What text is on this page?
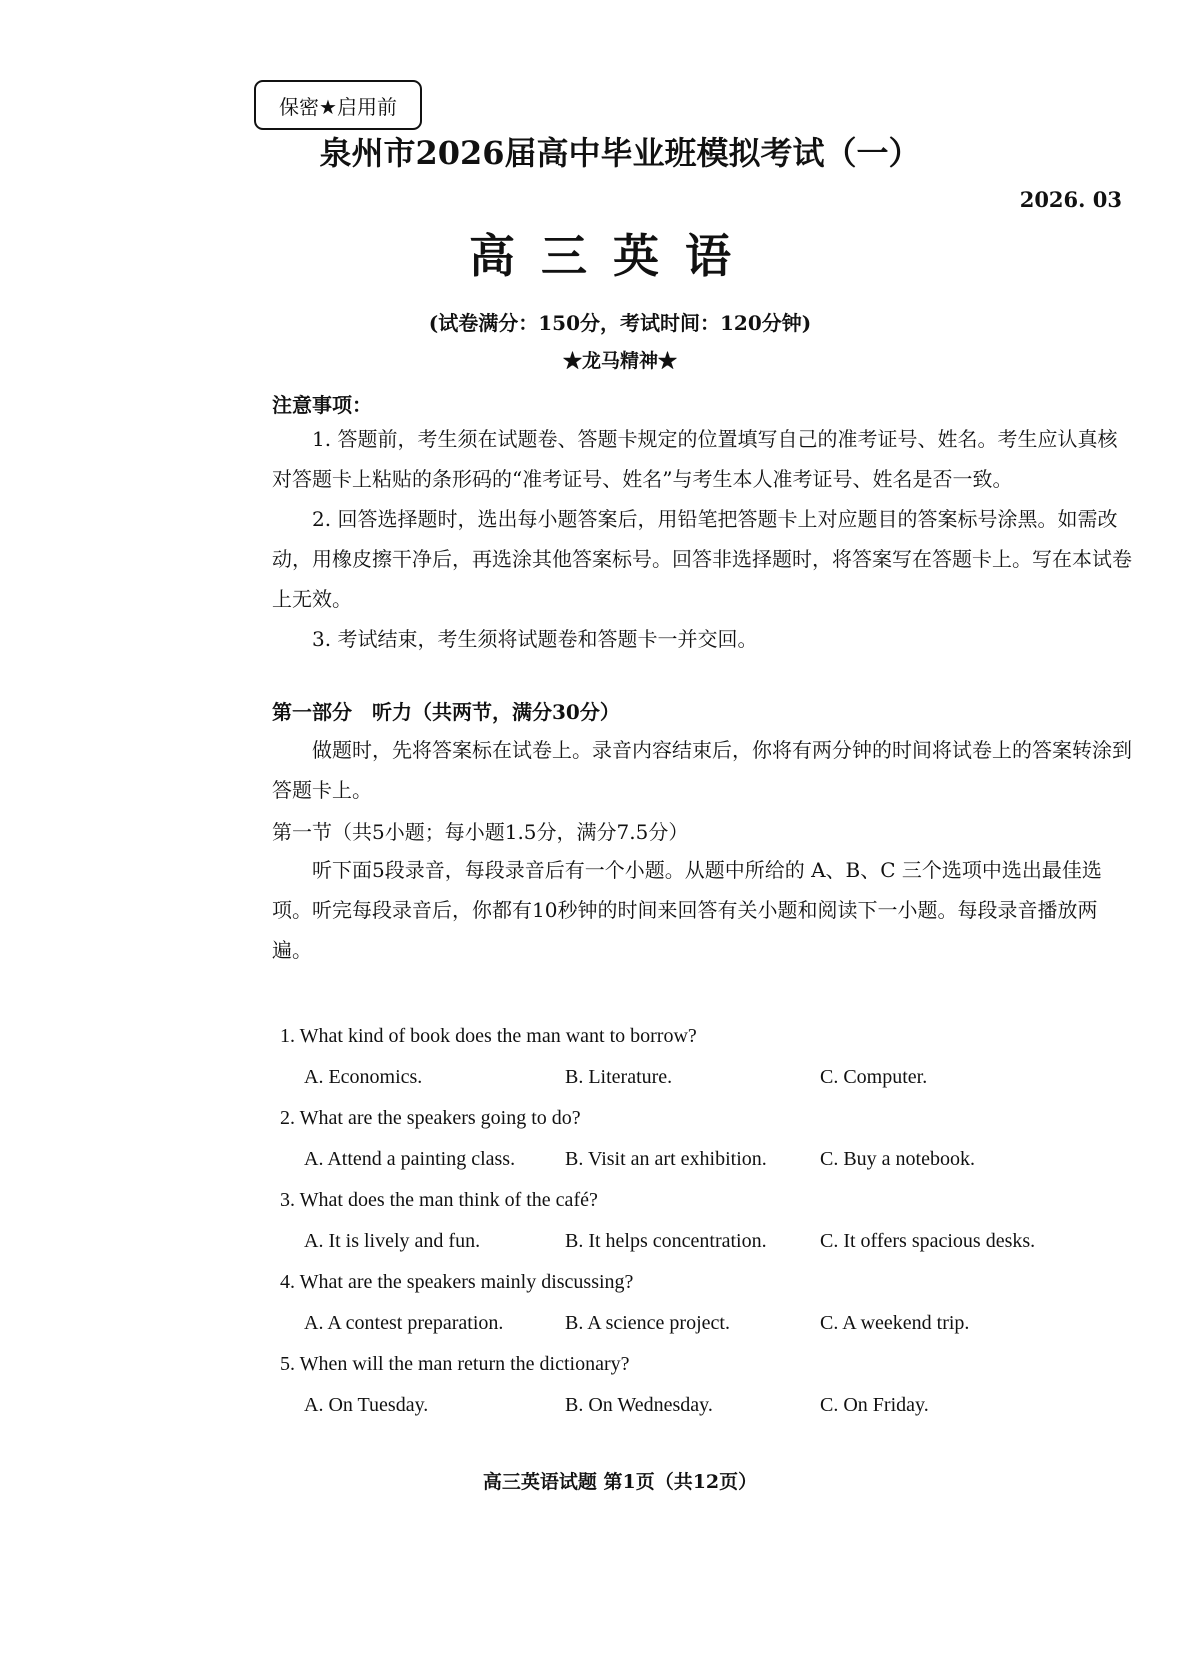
保密★启用前
泉州市2026届高中毕业班模拟考试（一）
2026. 03
高三英语
(试卷满分：150分，考试时间：120分钟)
★龙马精神★
注意事项：

1. 答题前，考生须在试题卷、答题卡规定的位置填写自己的准考证号、姓名。考生应认真核对答题卡上粘贴的条形码的“准考证号、姓名”与考生本人准考证号、姓名是否一致。

2. 回答选择题时，选出每小题答案后，用铅笔把答题卡上对应题目的答案标号涂黑。如需改动，用橡皮擦干净后，再选涂其他答案标号。回答非选择题时，将答案写在答题卡上。写在本试卷上无效。

3. 考试结束，考生须将试题卷和答题卡一并交回。

第一部分　听力（共两节，满分30分）

做题时，先将答案标在试卷上。录音内容结束后，你将有两分钟的时间将试卷上的答案转涂到答题卡上。

第一节（共5小题；每小题1.5分，满分7.5分）

听下面5段录音，每段录音后有一个小题。从题中所给的 A、B、C 三个选项中选出最佳选项。听完每段录音后，你都有10秒钟的时间来回答有关小题和阅读下一小题。每段录音播放两遍。

1. What kind of book does the man want to borrow?
A. Economics.	B. Literature.	C. Computer.
2. What are the speakers going to do?
A. Attend a painting class. B. Visit an art exhibition.	C. Buy a notebook.
3. What does the man think of the café?
A. It is lively and fun.	B. It helps concentration.	C. It offers spacious desks.
4. What are the speakers mainly discussing?
A. A contest preparation.	B. A science project.	C. A weekend trip.
5. When will the man return the dictionary?
A. On Tuesday.	B. On Wednesday.	C. On Friday.
高三英语试题 第1页（共12页）
